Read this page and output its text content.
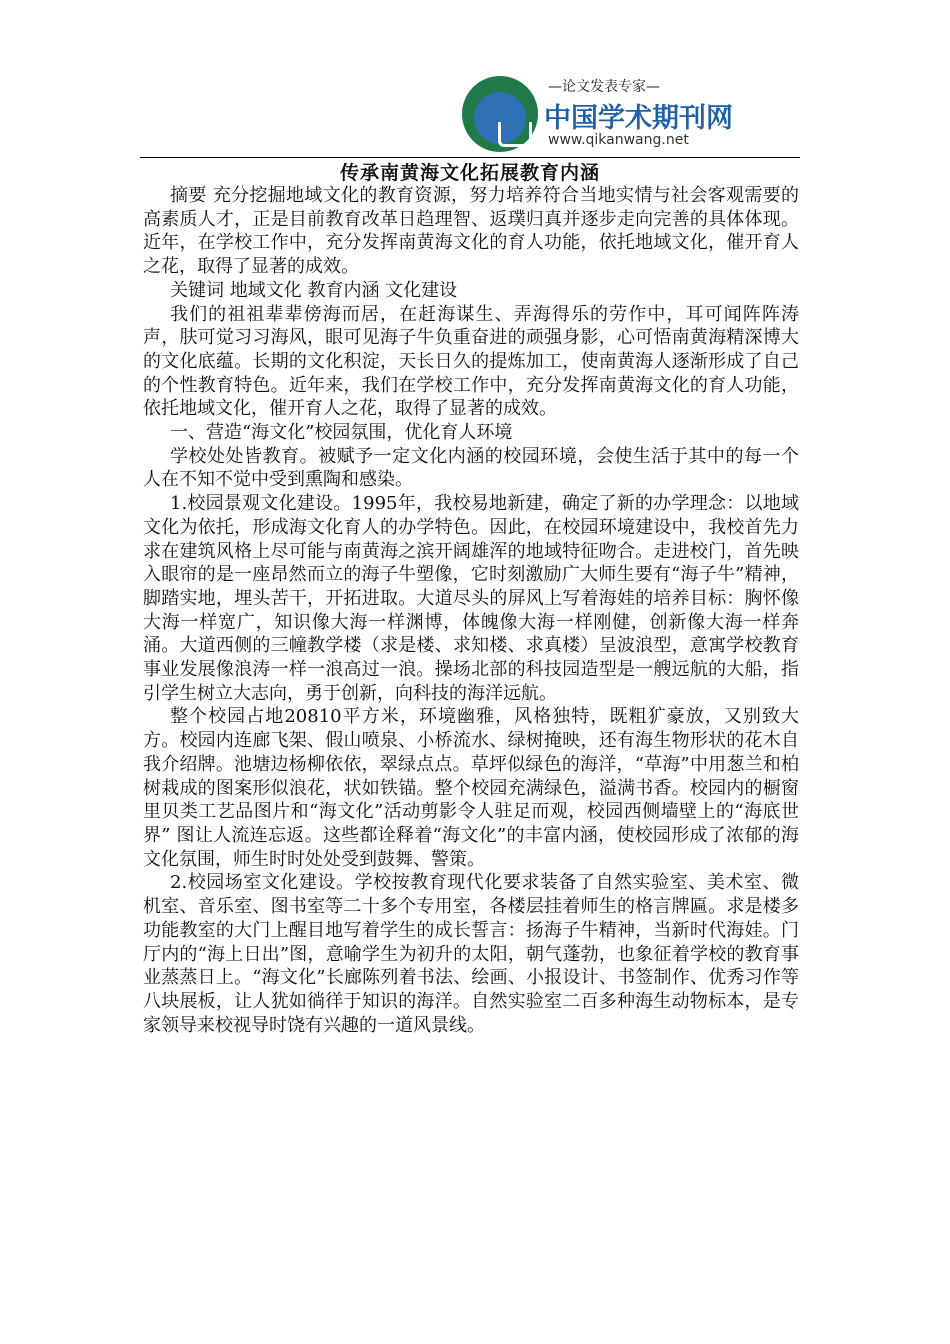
—论文发表专家—
中国学术期刊网
www.qikanwang.net
传承南黄海文化拓展教育内涵

摘要 充分挖掘地域文化的教育资源，努力培养符合当地实情与社会客观需要的高素质人才，正是目前教育改革日趋理智、返璞归真并逐步走向完善的具体体现。近年，在学校工作中，充分发挥南黄海文化的育人功能，依托地域文化，催开育人之花，取得了显著的成效。

关键词 地域文化 教育内涵 文化建设

我们的祖祖辈辈傍海而居，在赶海谋生、弄海得乐的劳作中，耳可闻阵阵涛声，肤可觉习习海风，眼可见海子牛负重奋进的顽强身影，心可悟南黄海精深博大的文化底蕴。长期的文化积淀，天长日久的提炼加工，使南黄海人逐渐形成了自己的个性教育特色。近年来，我们在学校工作中，充分发挥南黄海文化的育人功能，依托地域文化，催开育人之花，取得了显著的成效。

一、营造“海文化”校园氛围，优化育人环境

学校处处皆教育。被赋予一定文化内涵的校园环境，会使生活于其中的每一个人在不知不觉中受到熏陶和感染。

1.校园景观文化建设。1995年，我校易地新建，确定了新的办学理念：以地域文化为依托，形成海文化育人的办学特色。因此，在校园环境建设中，我校首先力求在建筑风格上尽可能与南黄海之滨开阔雄浑的地域特征吻合。走进校门，首先映入眼帘的是一座昂然而立的海子牛塑像，它时刻激励广大师生要有“海子牛”精神，脚踏实地，埋头苦干，开拓进取。大道尽头的屏风上写着海娃的培养目标：胸怀像大海一样宽广，知识像大海一样渊博，体魄像大海一样刚健，创新像大海一样奔涌。大道西侧的三幢教学楼（求是楼、求知楼、求真楼）呈波浪型，意寓学校教育事业发展像浪涛一样一浪高过一浪。操场北部的科技园造型是一艘远航的大船，指引学生树立大志向，勇于创新，向科技的海洋远航。

整个校园占地20810平方米，环境幽雅，风格独特，既粗犷豪放，又别致大方。校园内连廊飞架、假山喷泉、小桥流水、绿树掩映，还有海生物形状的花木自我介绍牌。池塘边杨柳依依，翠绿点点。草坪似绿色的海洋，“草海”中用葱兰和柏树栽成的图案形似浪花，状如铁锚。整个校园充满绿色，溢满书香。校园内的橱窗里贝类工艺品图片和“海文化”活动剪影令人驻足而观，校园西侧墙壁上的“海底世界” 图让人流连忘返。这些都诠释着“海文化”的丰富内涵，使校园形成了浓郁的海文化氛围，师生时时处处受到鼓舞、警策。

2.校园场室文化建设。学校按教育现代化要求装备了自然实验室、美术室、微机室、音乐室、图书室等二十多个专用室，各楼层挂着师生的格言牌匾。求是楼多功能教室的大门上醒目地写着学生的成长誓言：扬海子牛精神，当新时代海娃。门厅内的“海上日出”图，意喻学生为初升的太阳，朝气蓬勃，也象征着学校的教育事业蒸蒸日上。“海文化”长廊陈列着书法、绘画、小报设计、书签制作、优秀习作等八块展板，让人犹如徜徉于知识的海洋。自然实验室二百多种海生动物标本，是专家领导来校视导时饶有兴趣的一道风景线。
